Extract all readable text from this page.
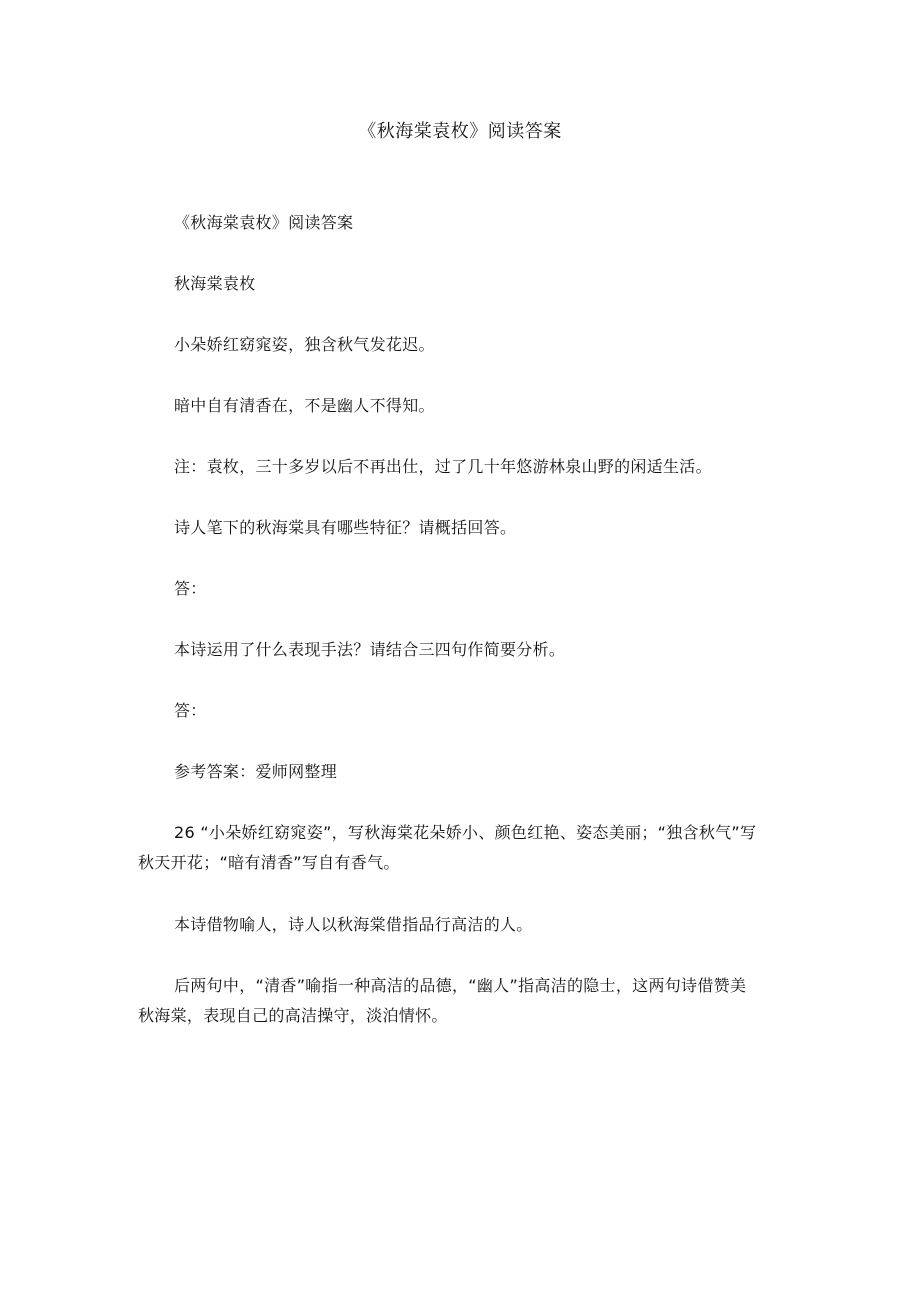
《秋海棠袁枚》阅读答案
《秋海棠袁枚》阅读答案
秋海棠袁枚
小朵娇红窈窕姿，独含秋气发花迟。
暗中自有清香在，不是幽人不得知。
注：袁枚，三十多岁以后不再出仕，过了几十年悠游林泉山野的闲适生活。
诗人笔下的秋海棠具有哪些特征？请概括回答。
答：
本诗运用了什么表现手法？请结合三四句作简要分析。
答：
参考答案：爱师网整理
26 “小朵娇红窈窕姿”，写秋海棠花朵娇小、颜色红艳、姿态美丽；“独含秋气”写秋天开花；“暗有清香”写自有香气。
本诗借物喻人，诗人以秋海棠借指品行高洁的人。
后两句中，“清香”喻指一种高洁的品德，“幽人”指高洁的隐士，这两句诗借赞美秋海棠，表现自己的高洁操守，淡泊情怀。
